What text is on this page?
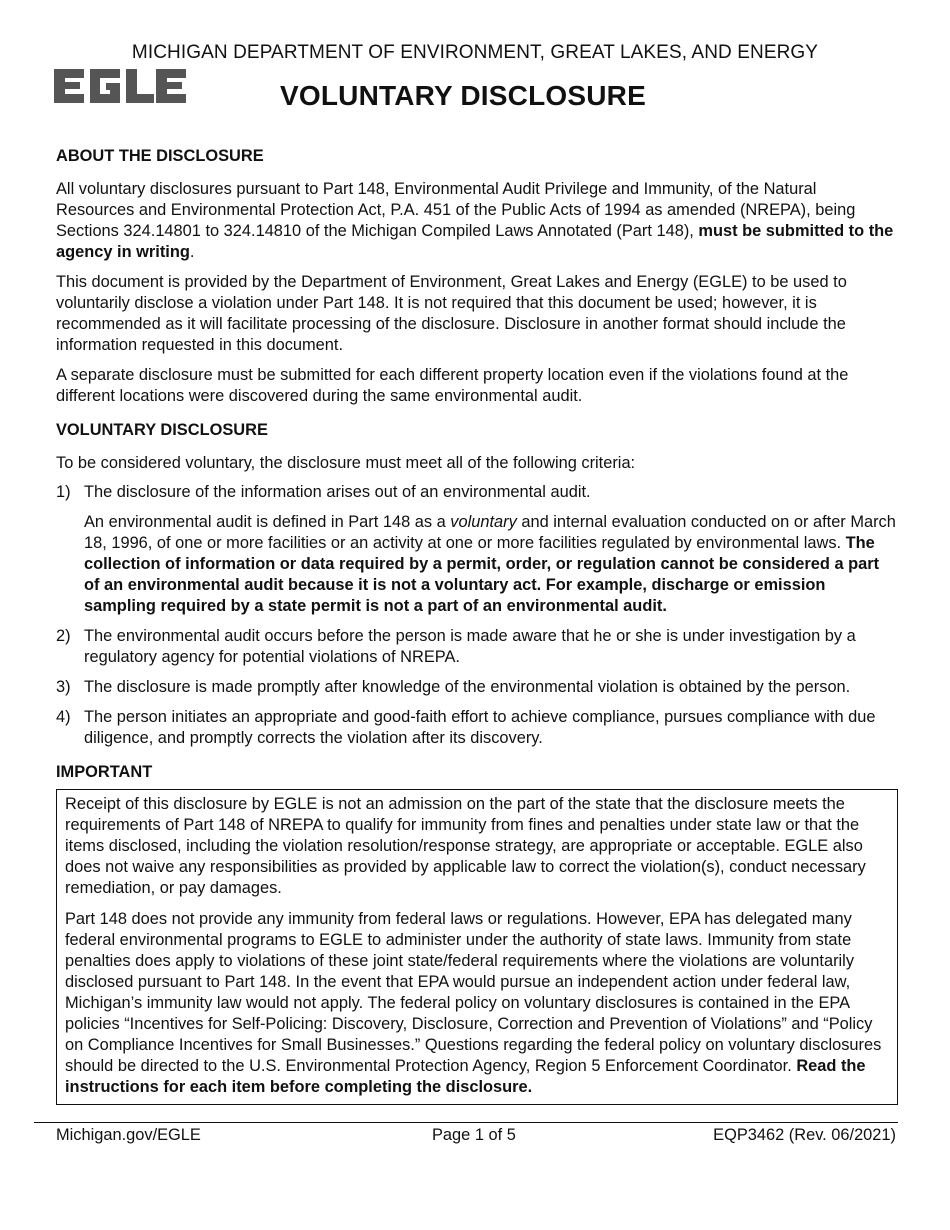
MICHIGAN DEPARTMENT OF ENVIRONMENT, GREAT LAKES, AND ENERGY
VOLUNTARY DISCLOSURE
ABOUT THE DISCLOSURE

All voluntary disclosures pursuant to Part 148, Environmental Audit Privilege and Immunity, of the Natural Resources and Environmental Protection Act, P.A. 451 of the Public Acts of 1994 as amended (NREPA), being Sections 324.14801 to 324.14810 of the Michigan Compiled Laws Annotated (Part 148), must be submitted to the agency in writing.

This document is provided by the Department of Environment, Great Lakes and Energy (EGLE) to be used to voluntarily disclose a violation under Part 148. It is not required that this document be used; however, it is recommended as it will facilitate processing of the disclosure. Disclosure in another format should include the information requested in this document.

A separate disclosure must be submitted for each different property location even if the violations found at the different locations were discovered during the same environmental audit.

VOLUNTARY DISCLOSURE

To be considered voluntary, the disclosure must meet all of the following criteria:

1) The disclosure of the information arises out of an environmental audit.

An environmental audit is defined in Part 148 as a voluntary and internal evaluation conducted on or after March 18, 1996, of one or more facilities or an activity at one or more facilities regulated by environmental laws. The collection of information or data required by a permit, order, or regulation cannot be considered a part of an environmental audit because it is not a voluntary act. For example, discharge or emission sampling required by a state permit is not a part of an environmental audit.

2) The environmental audit occurs before the person is made aware that he or she is under investigation by a regulatory agency for potential violations of NREPA.
3) The disclosure is made promptly after knowledge of the environmental violation is obtained by the person.
4) The person initiates an appropriate and good-faith effort to achieve compliance, pursues compliance with due diligence, and promptly corrects the violation after its discovery.
IMPORTANT

Receipt of this disclosure by EGLE is not an admission on the part of the state that the disclosure meets the requirements of Part 148 of NREPA to qualify for immunity from fines and penalties under state law or that the items disclosed, including the violation resolution/response strategy, are appropriate or acceptable. EGLE also does not waive any responsibilities as provided by applicable law to correct the violation(s), conduct necessary remediation, or pay damages.

Part 148 does not provide any immunity from federal laws or regulations. However, EPA has delegated many federal environmental programs to EGLE to administer under the authority of state laws. Immunity from state penalties does apply to violations of these joint state/federal requirements where the violations are voluntarily disclosed pursuant to Part 148. In the event that EPA would pursue an independent action under federal law, Michigan’s immunity law would not apply. The federal policy on voluntary disclosures is contained in the EPA policies “Incentives for Self-Policing: Discovery, Disclosure, Correction and Prevention of Violations” and “Policy on Compliance Incentives for Small Businesses.” Questions regarding the federal policy on voluntary disclosures should be directed to the U.S. Environmental Protection Agency, Region 5 Enforcement Coordinator. Read the instructions for each item before completing the disclosure.

Michigan.gov/EGLE	Page 1 of 5	EQP3462 (Rev. 06/2021)
